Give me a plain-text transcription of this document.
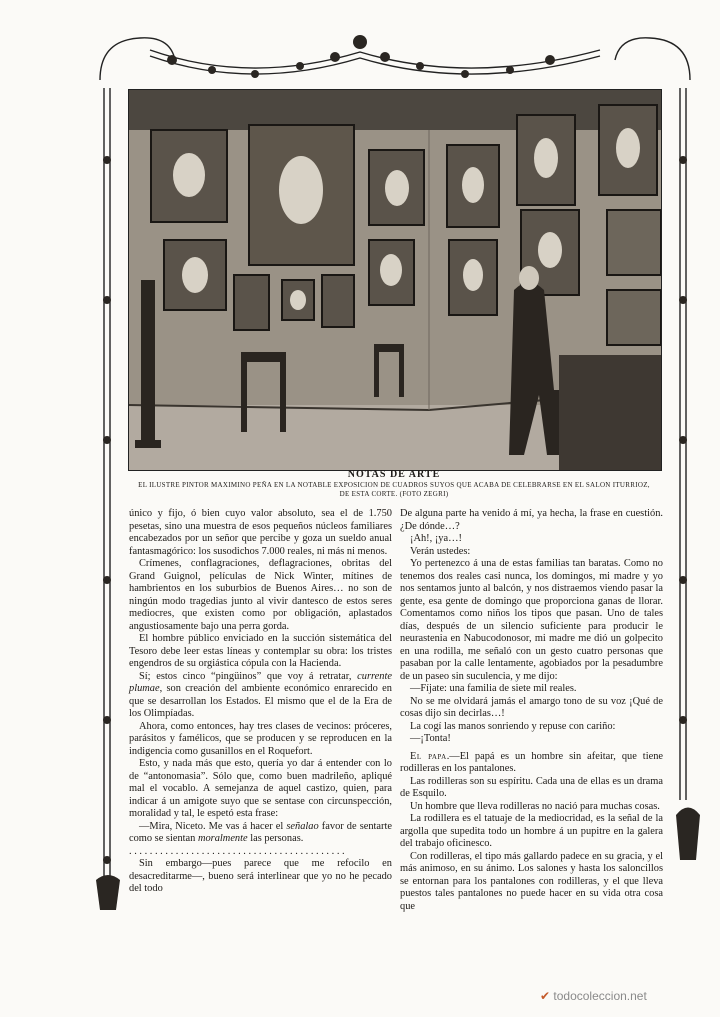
NOTAS DE ARTE
EL ILUSTRE PINTOR MAXIMINO PEÑA EN LA NOTABLE EXPOSICION DE CUADROS SUYOS QUE ACABA DE CELEBRARSE EN EL SALON ITURRIOZ, DE ESTA CORTE. (FOTO ZEGRI)

único y fijo, ó bien cuyo valor absoluto, sea el de 1.750 pesetas, sino una muestra de esos pequeños núcleos familiares encabezados por un señor que percibe y goza un sueldo anual fantasmagórico: los susodichos 7.000 reales, ni más ni menos.

Crímenes, conflagraciones, deflagraciones, obritas del Grand Guignol, películas de Nick Winter, mítines de hambrientos en los suburbios de Buenos Aires… no son de ningún modo tragedias junto al vivir dantesco de estos seres mediocres, que existen como por obligación, aplastados angustiosamente bajo una perra gorda.

El hombre público enviciado en la succión sistemática del Tesoro debe leer estas líneas y contemplar su obra: los tristes engendros de su orgiástica cópula con la Hacienda.

Sí; estos cinco “pingüinos” que voy á retratar, currente plumae, son creación del ambiente económico enrarecido en que se desarrollan los Estados. El mismo que el de la Era de los Olimpíadas.

Ahora, como entonces, hay tres clases de vecinos: próceres, parásitos y famélicos, que se producen y se reproducen en la indigencia como gusanillos en el Roquefort.

Esto, y nada más que esto, quería yo dar á entender con lo de “antonomasia”. Sólo que, como buen madrileño, apliqué mal el vocablo. A semejanza de aquel castizo, quien, para indicar á un amigote suyo que se sentase con circunspección, moralidad y tal, le espetó esta frase:

—Mira, Niceto. Me vas á hacer el señalao favor de sentarte como se sientan moralmente las personas.

. . . . . . . . . . . . . . . . . . . . . . . . . . . . . . . . . . . . . . . . . .

Sin embargo—pues parece que me refocilo en desacreditarme—, bueno será interlinear que yo no he pecado del todo

De alguna parte ha venido á mí, ya hecha, la frase en cuestión. ¿De dónde…?

¡Ah!, ¡ya…!

Verán ustedes:

Yo pertenezco á una de estas familias tan baratas. Como no tenemos dos reales casi nunca, los domingos, mi madre y yo nos sentamos junto al balcón, y nos distraemos viendo pasar la gente, esa gente de domingo que proporciona ganas de llorar. Comentamos como niños los tipos que pasan. Uno de tales días, después de un silencio suficiente para producir le neurastenia en Nabucodonosor, mi madre me dió un golpecito en una rodilla, me señaló con un gesto cuatro personas que pasaban por la calle lentamente, agobiados por la pesadumbre de un paseo sin suculencia, y me dijo:

—Fíjate: una familia de siete mil reales.

No se me olvidará jamás el amargo tono de su voz ¡Qué de cosas dijo sin decirlas…!

La cogí las manos sonriendo y repuse con cariño:

—¡Tonta!

El papa.—El papá es un hombre sin afeitar, que tiene rodilleras en los pantalones.

Las rodilleras son su espíritu. Cada una de ellas es un drama de Esquilo.

Un hombre que lleva rodilleras no nació para muchas cosas.

La rodillera es el tatuaje de la mediocridad, es la señal de la argolla que supedita todo un hombre á un pupitre en la galera del trabajo oficinesco.

Con rodilleras, el tipo más gallardo padece en su gracia, y el más animoso, en su ánimo. Los salones y hasta los saloncillos se entornan para los pantalones con rodilleras, y el que lleva puestos tales pantalones no puede hacer en su vida otra cosa que

✔ todocoleccion.net
